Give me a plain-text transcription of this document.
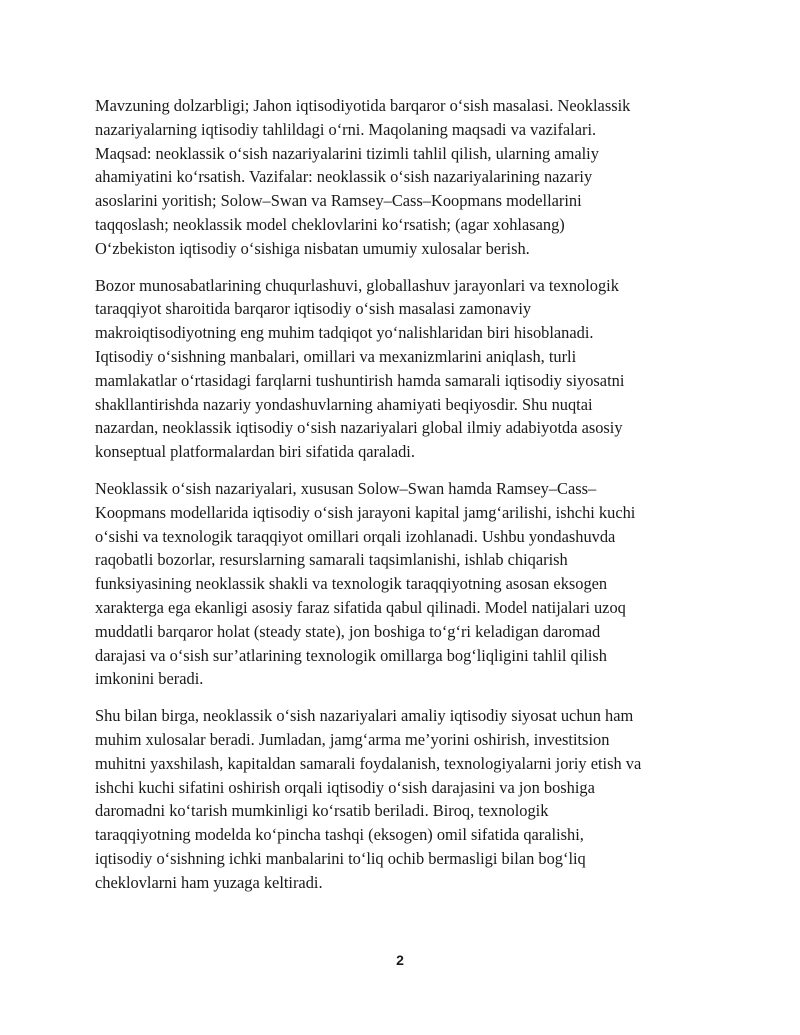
Mavzuning dolzarbligi; Jahon iqtisodiyotida barqaror o‘sish masalasi. Neoklassik
nazariyalarning iqtisodiy tahlildagi o‘rni. Maqolaning maqsadi va vazifalari.
Maqsad: neoklassik o‘sish nazariyalarini tizimli tahlil qilish, ularning amaliy
ahamiyatini ko‘rsatish. Vazifalar: neoklassik o‘sish nazariyalarining nazariy
asoslarini yoritish; Solow–Swan va Ramsey–Cass–Koopmans modellarini
taqqoslash; neoklassik model cheklovlarini ko‘rsatish; (agar xohlasang)
O‘zbekiston iqtisodiy o‘sishiga nisbatan umumiy xulosalar berish.

Bozor munosabatlarining chuqurlashuvi, globallashuv jarayonlari va texnologik
taraqqiyot sharoitida barqaror iqtisodiy o‘sish masalasi zamonaviy
makroiqtisodiyotning eng muhim tadqiqot yo‘nalishlaridan biri hisoblanadi.
Iqtisodiy o‘sishning manbalari, omillari va mexanizmlarini aniqlash, turli
mamlakatlar o‘rtasidagi farqlarni tushuntirish hamda samarali iqtisodiy siyosatni
shakllantirishda nazariy yondashuvlarning ahamiyati beqiyosdir. Shu nuqtai
nazardan, neoklassik iqtisodiy o‘sish nazariyalari global ilmiy adabiyotda asosiy
konseptual platformalardan biri sifatida qaraladi.

Neoklassik o‘sish nazariyalari, xususan Solow–Swan hamda Ramsey–Cass–
Koopmans modellarida iqtisodiy o‘sish jarayoni kapital jamg‘arilishi, ishchi kuchi
o‘sishi va texnologik taraqqiyot omillari orqali izohlanadi. Ushbu yondashuvda
raqobatli bozorlar, resurslarning samarali taqsimlanishi, ishlab chiqarish
funksiyasining neoklassik shakli va texnologik taraqqiyotning asosan eksogen
xarakterga ega ekanligi asosiy faraz sifatida qabul qilinadi. Model natijalari uzoq
muddatli barqaror holat (steady state), jon boshiga to‘g‘ri keladigan daromad
darajasi va o‘sish sur’atlarining texnologik omillarga bog‘liqligini tahlil qilish
imkonini beradi.

Shu bilan birga, neoklassik o‘sish nazariyalari amaliy iqtisodiy siyosat uchun ham
muhim xulosalar beradi. Jumladan, jamg‘arma me’yorini oshirish, investitsion
muhitni yaxshilash, kapitaldan samarali foydalanish, texnologiyalarni joriy etish va
ishchi kuchi sifatini oshirish orqali iqtisodiy o‘sish darajasini va jon boshiga
daromadni ko‘tarish mumkinligi ko‘rsatib beriladi. Biroq, texnologik
taraqqiyotning modelda ko‘pincha tashqi (eksogen) omil sifatida qaralishi,
iqtisodiy o‘sishning ichki manbalarini to‘liq ochib bermasligi bilan bog‘liq
cheklovlarni ham yuzaga keltiradi.

2
